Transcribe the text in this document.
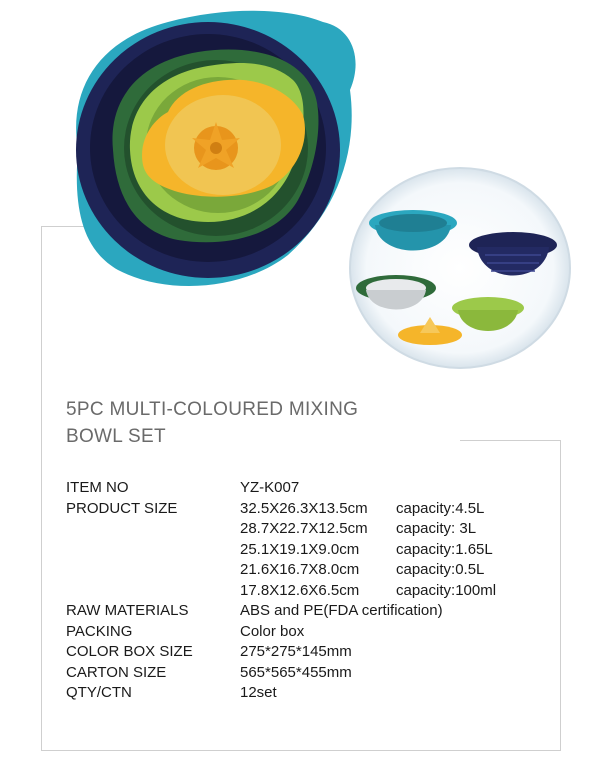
5PC MULTI-COLOURED MIXING
BOWL SET
ITEM NO	YZ-K007
PRODUCT SIZE	32.5X26.3X13.5cm	capacity:4.5L
28.7X22.7X12.5cm	capacity: 3L
25.1X19.1X9.0cm	capacity:1.65L
21.6X16.7X8.0cm	capacity:0.5L
17.8X12.6X6.5cm	capacity:100ml
RAW MATERIALS	ABS and PE(FDA certification)
PACKING	Color box
COLOR BOX SIZE	275*275*145mm
CARTON SIZE	565*565*455mm
QTY/CTN	12set
